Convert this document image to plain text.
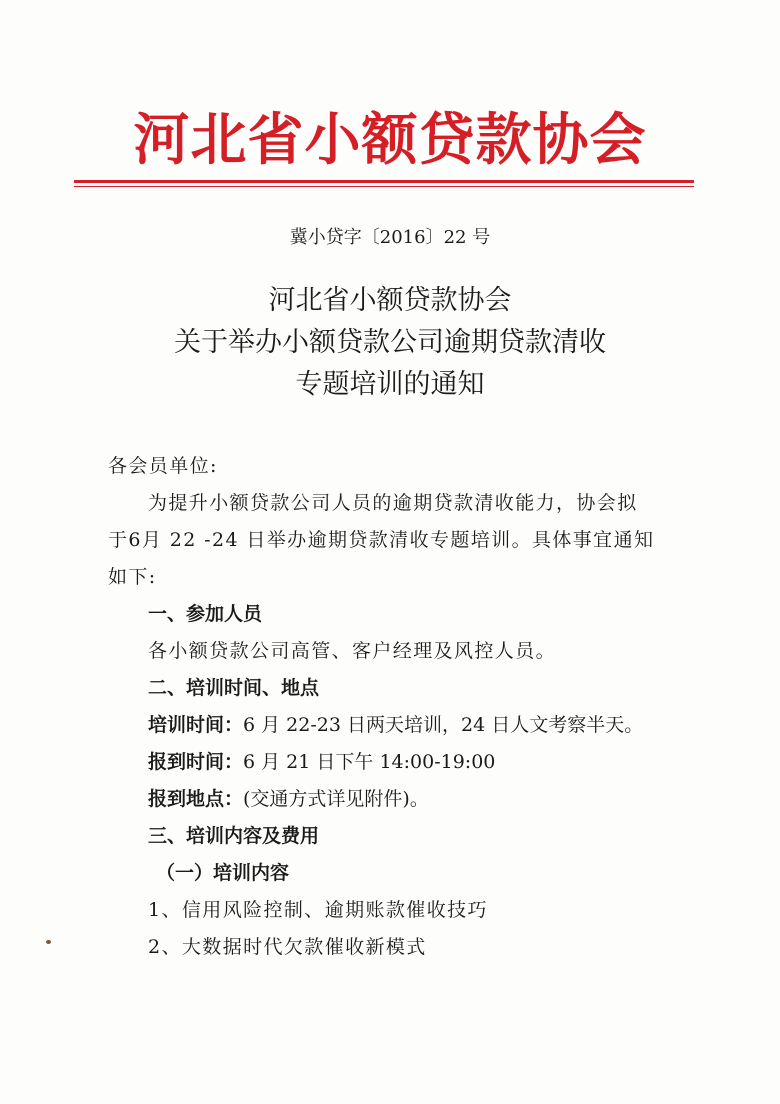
河北省小额贷款协会
冀小贷字〔2016〕22 号
河北省小额贷款协会
关于举办小额贷款公司逾期贷款清收
专题培训的通知
各会员单位:
为提升小额贷款公司人员的逾期贷款清收能力，协会拟
于6月 22 -24 日举办逾期贷款清收专题培训。具体事宜通知
如下:
一、参加人员
各小额贷款公司高管、客户经理及风控人员。
二、培训时间、地点
培训时间：6 月 22-23 日两天培训，24 日人文考察半天。
报到时间：6 月 21 日下午 14:00-19:00
报到地点：(交通方式详见附件)。
三、培训内容及费用
（一）培训内容
1、信用风险控制、逾期账款催收技巧
2、大数据时代欠款催收新模式
